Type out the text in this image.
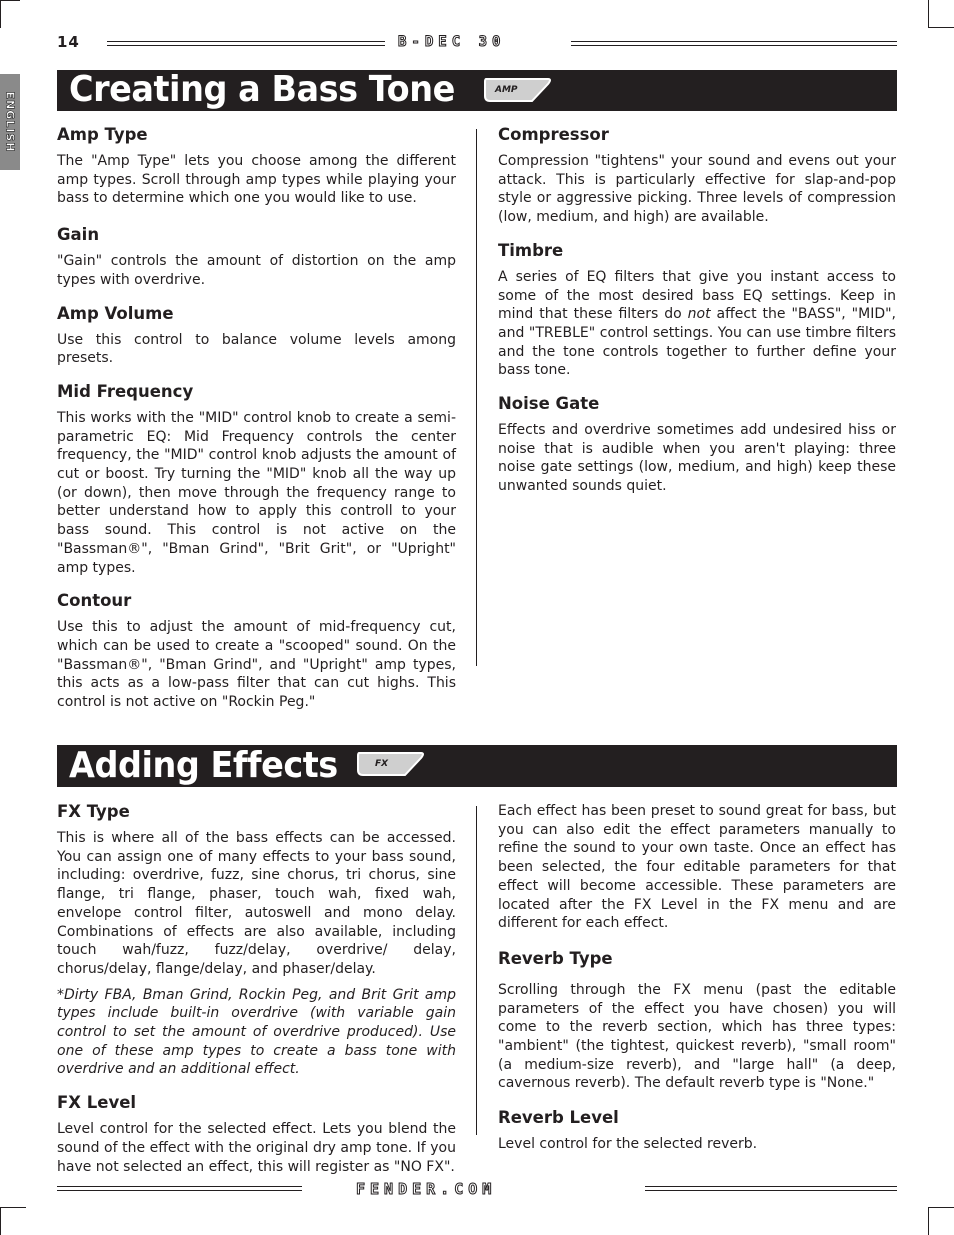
14	B-DEC 30
ENGLISH
Creating a Bass Tone	AMP
Amp Type

The "Amp Type" lets you choose among the different amp types. Scroll through amp types while playing your bass to determine which one you would like to use.

Gain

"Gain" controls the amount of distortion on the amp types with overdrive.

Amp Volume

Use this control to balance volume levels among presets.

Mid Frequency

This works with the "MID" control knob to create a semi-parametric EQ: Mid Frequency controls the center frequency, the "MID" control knob adjusts the amount of cut or boost. Try turning the "MID" knob all the way up (or down), then move through the frequency range to better understand how to apply this controll to your bass sound. This control is not active on the "Bassman®", "Bman Grind", "Brit Grit", or "Upright" amp types.

Contour

Use this to adjust the amount of mid-frequency cut, which can be used to create a "scooped" sound. On the "Bassman®", "Bman Grind", and "Upright" amp types, this acts as a low-pass filter that can cut highs. This control is not active on "Rockin Peg."

Compressor

Compression "tightens" your sound and evens out your attack. This is particularly effective for slap-and-pop style or aggressive picking. Three levels of compression (low, medium, and high) are available.

Timbre

A series of EQ filters that give you instant access to some of the most desired bass EQ settings. Keep in mind that these filters do not affect the "BASS", "MID", and "TREBLE" control settings. You can use timbre filters and the tone controls together to further define your bass tone.

Noise Gate

Effects and overdrive sometimes add undesired hiss or noise that is audible when you aren't playing: three noise gate settings (low, medium, and high) keep these unwanted sounds quiet.

Adding Effects	FX
FX Type

This is where all of the bass effects can be accessed. You can assign one of many effects to your bass sound, including: overdrive, fuzz, sine chorus, tri chorus, sine flange, tri flange, phaser, touch wah, fixed wah, envelope control filter, autoswell and mono delay. Combinations of effects are also available, including touch wah/fuzz, fuzz/delay, overdrive/ delay, chorus/delay, flange/delay, and phaser/delay.

*Dirty FBA, Bman Grind, Rockin Peg, and Brit Grit amp types include built-in overdrive (with variable gain control to set the amount of overdrive produced). Use one of these amp types to create a bass tone with overdrive and an additional effect.

FX Level

Level control for the selected effect. Lets you blend the sound of the effect with the original dry amp tone. If you have not selected an effect, this will register as "NO FX".

Each effect has been preset to sound great for bass, but you can also edit the effect parameters manually to refine the sound to your own taste. Once an effect has been selected, the four editable parameters for that effect will become accessible. These parameters are located after the FX Level in the FX menu and are different for each effect.

Reverb Type

Scrolling through the FX menu (past the editable parameters of the effect you have chosen) you will come to the reverb section, which has three types: "ambient" (the tightest, quickest reverb), "small room" (a medium-size reverb), and "large hall" (a deep, cavernous reverb). The default reverb type is "None."

Reverb Level

Level control for the selected reverb.

FENDER.COM
